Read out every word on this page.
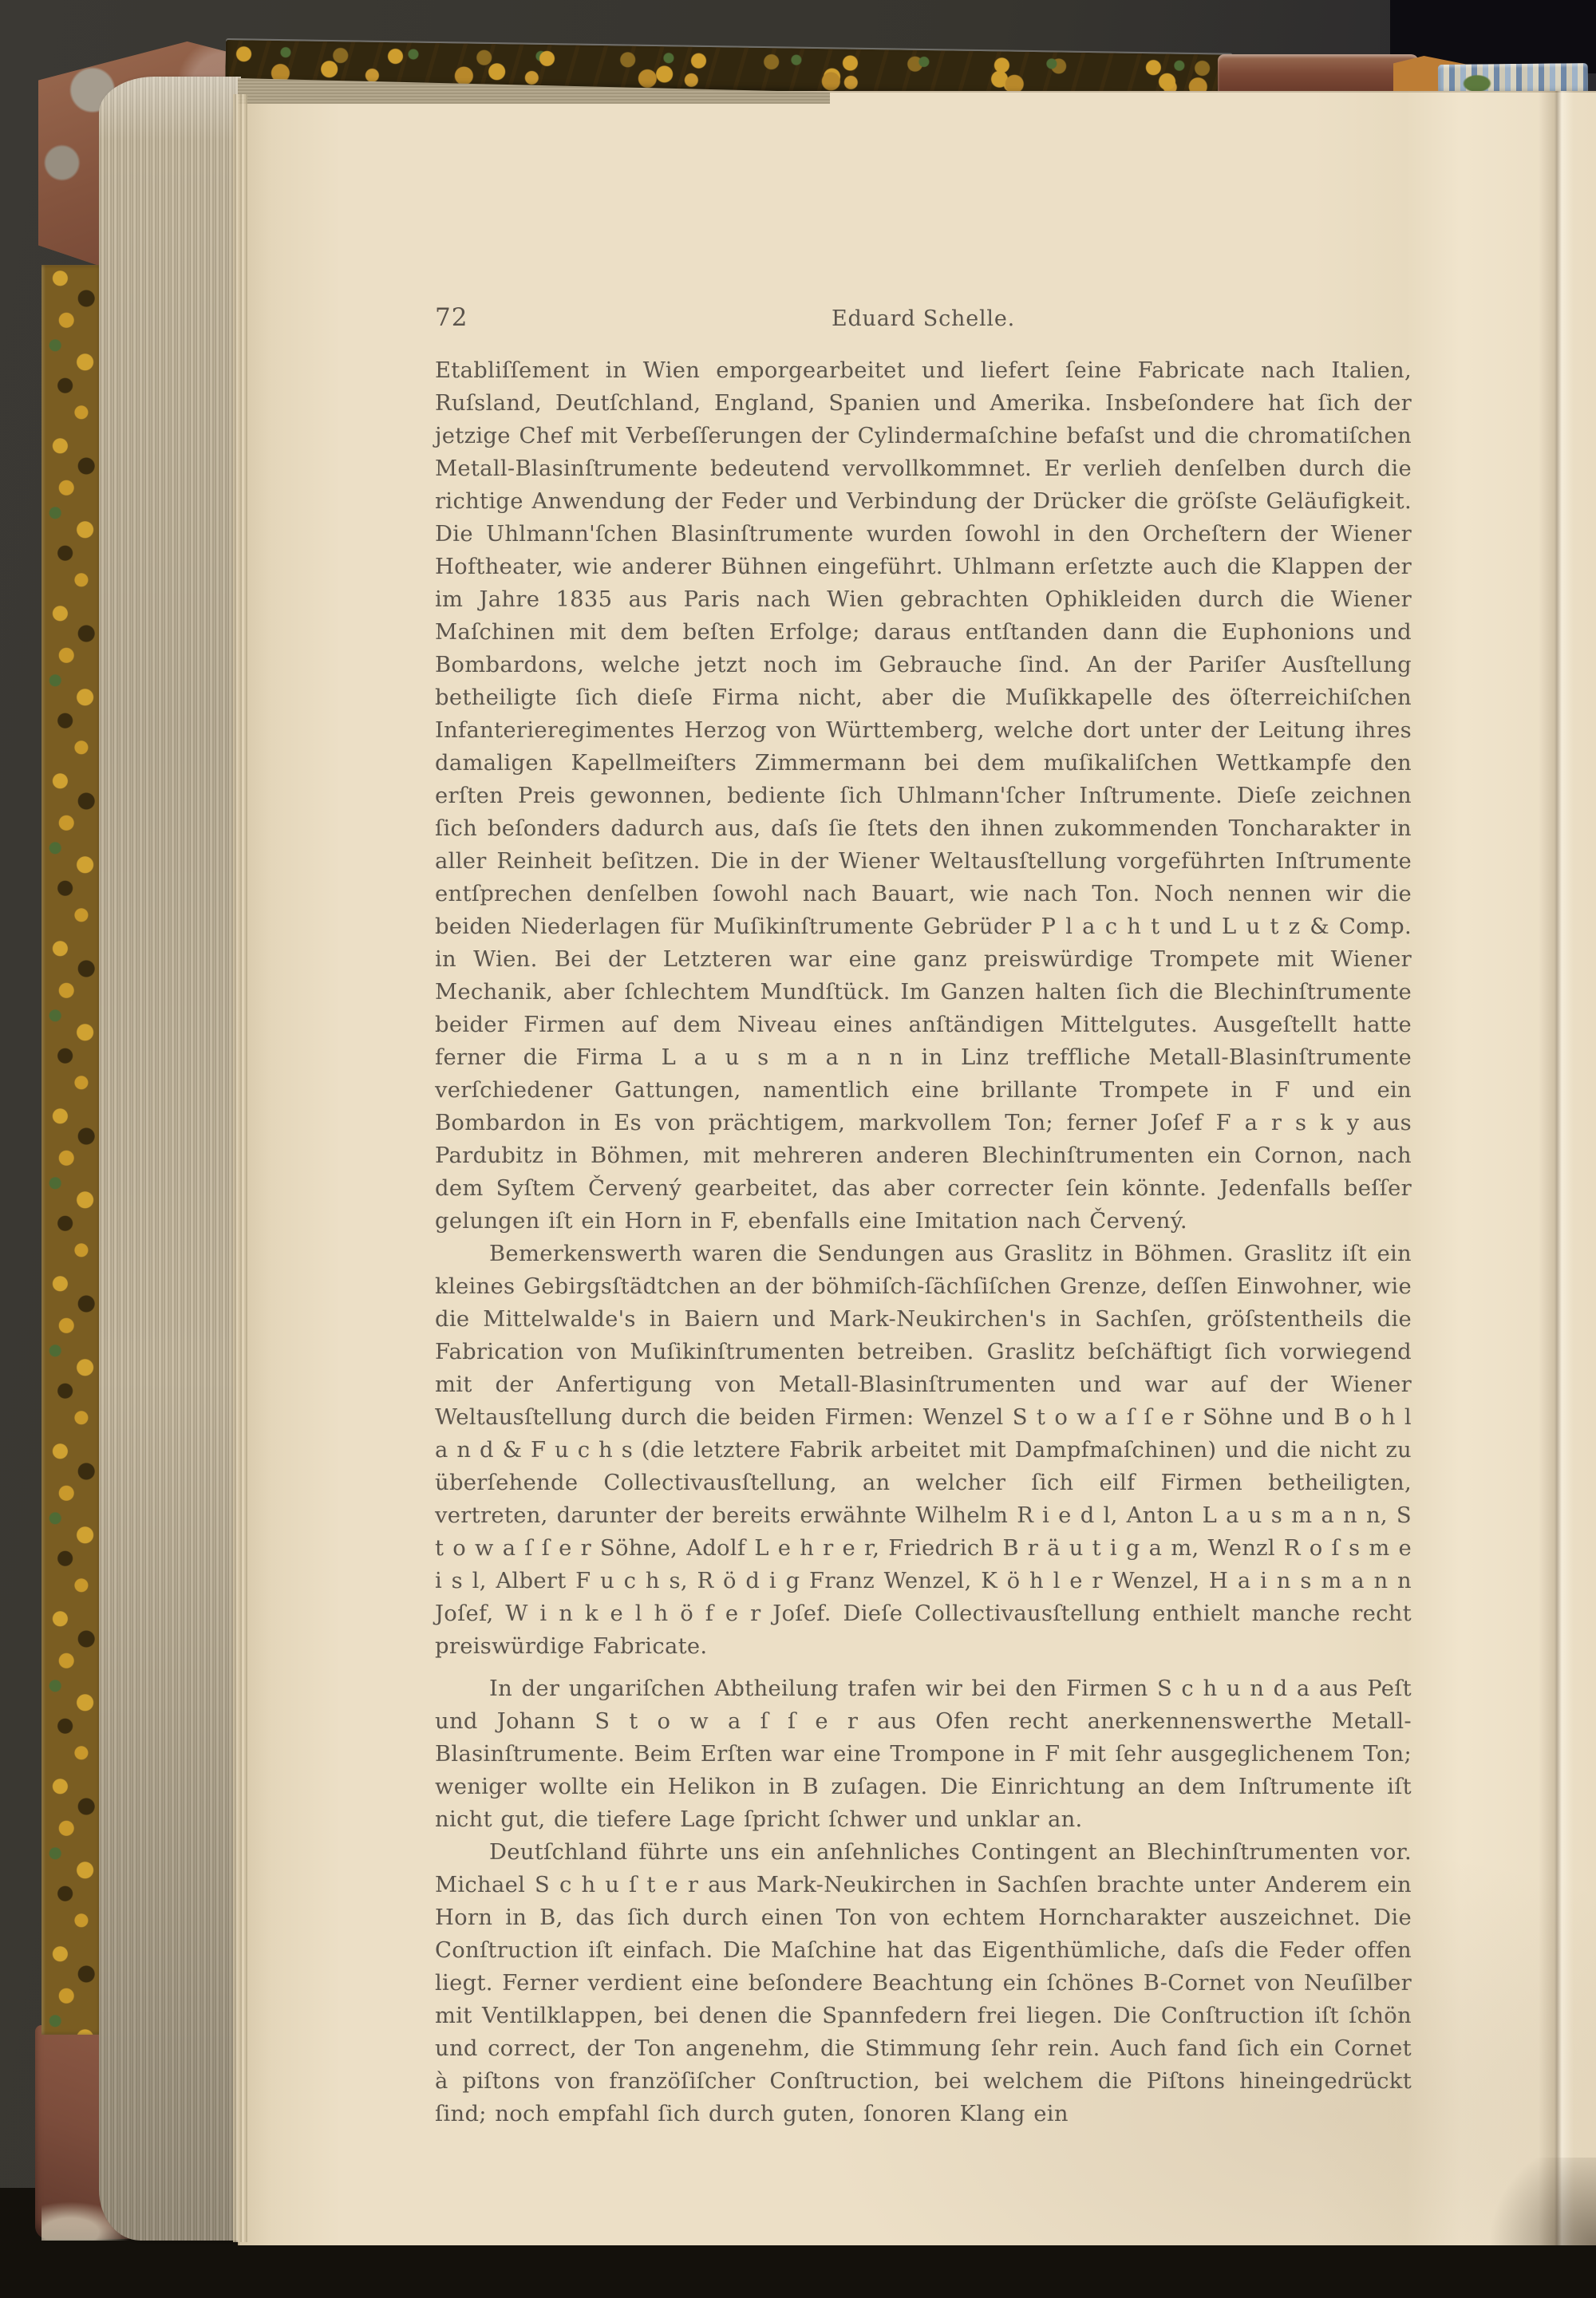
72	Eduard Schelle.

Etabliſſement in Wien emporgearbeitet und liefert ſeine Fabricate nach Italien, Ruſsland, Deutſchland, England, Spanien und Amerika. Insbeſondere hat ſich der jetzige Chef mit Verbeſſerungen der Cylindermaſchine befaſst und die chromatiſchen Metall-Blasinſtrumente bedeutend vervollkommnet. Er verlieh denſelben durch die richtige Anwendung der Feder und Verbindung der Drücker die gröſste Geläufigkeit. Die Uhlmann'ſchen Blasinſtrumente wurden ſowohl in den Orcheſtern der Wiener Hoftheater, wie anderer Bühnen eingeführt. Uhlmann erſetzte auch die Klappen der im Jahre 1835 aus Paris nach Wien gebrachten Ophikleiden durch die Wiener Maſchinen mit dem beſten Erfolge; daraus entſtanden dann die Euphonions und Bombardons, welche jetzt noch im Gebrauche ſind. An der Pariſer Ausſtellung betheiligte ſich dieſe Firma nicht, aber die Muſikkapelle des öſterreichiſchen Infanterieregimentes Herzog von Württemberg, welche dort unter der Leitung ihres damaligen Kapellmeiſters Zimmermann bei dem muſikaliſchen Wettkampfe den erſten Preis gewonnen, bediente ſich Uhlmann'ſcher Inſtrumente. Dieſe zeichnen ſich beſonders dadurch aus, daſs ſie ſtets den ihnen zukommenden Toncharakter in aller Reinheit beſitzen. Die in der Wiener Weltausſtellung vorgeführten Inſtrumente entſprechen denſelben ſowohl nach Bauart, wie nach Ton. Noch nennen wir die beiden Niederlagen für Muſikinſtrumente Gebrüder P l a c h t und L u t z & Comp. in Wien. Bei der Letzteren war eine ganz preiswürdige Trompete mit Wiener Mechanik, aber ſchlechtem Mundſtück. Im Ganzen halten ſich die Blechinſtrumente beider Firmen auf dem Niveau eines anſtändigen Mittelgutes. Ausgeſtellt hatte ferner die Firma L a u s m a n n in Linz treffliche Metall-Blasinſtrumente verſchiedener Gattungen, namentlich eine brillante Trompete in F und ein Bombardon in Es von prächtigem, markvollem Ton; ferner Joſef F a r s k y aus Pardubitz in Böhmen, mit mehreren anderen Blechinſtrumenten ein Cornon, nach dem Syſtem Červený gearbeitet, das aber correcter ſein könnte. Jedenfalls beſſer gelungen iſt ein Horn in F, ebenfalls eine Imitation nach Červený.

Bemerkenswerth waren die Sendungen aus Graslitz in Böhmen. Graslitz iſt ein kleines Gebirgsſtädtchen an der böhmiſch-ſächſiſchen Grenze, deſſen Einwohner, wie die Mittelwalde's in Baiern und Mark-Neukirchen's in Sachſen, gröſstentheils die Fabrication von Muſikinſtrumenten betreiben. Graslitz beſchäftigt ſich vorwiegend mit der Anfertigung von Metall-Blasinſtrumenten und war auf der Wiener Weltausſtellung durch die beiden Firmen: Wenzel S t o w a ſ ſ e r Söhne und B o h l a n d & F u c h s (die letztere Fabrik arbeitet mit Dampfmaſchinen) und die nicht zu überſehende Collectivausſtellung, an welcher ſich eilf Firmen betheiligten, vertreten, darunter der bereits erwähnte Wilhelm R i e d l, Anton L a u s m a n n, S t o w a ſ ſ e r Söhne, Adolf L e h r e r, Friedrich B r ä u t i g a m, Wenzl R o ſ s m e i s l, Albert F u c h s, R ö d i g Franz Wenzel, K ö h l e r Wenzel, H a i n s m a n n Joſef, W i n k e l h ö f e r Joſef. Dieſe Collectivausſtellung enthielt manche recht preiswürdige Fabricate.

In der ungariſchen Abtheilung trafen wir bei den Firmen S c h u n d a aus Peſt und Johann S t o w a ſ ſ e r aus Ofen recht anerkennenswerthe Metall-Blasinſtrumente. Beim Erſten war eine Trompone in F mit ſehr ausgeglichenem Ton; weniger wollte ein Helikon in B zuſagen. Die Einrichtung an dem Inſtrumente iſt nicht gut, die tiefere Lage ſpricht ſchwer und unklar an.

Deutſchland führte uns ein anſehnliches Contingent an Blechinſtrumenten vor. Michael S c h u ſ t e r aus Mark-Neukirchen in Sachſen brachte unter Anderem ein Horn in B, das ſich durch einen Ton von echtem Horncharakter auszeichnet. Die Conſtruction iſt einfach. Die Maſchine hat das Eigenthümliche, daſs die Feder offen liegt. Ferner verdient eine beſondere Beachtung ein ſchönes B-Cornet von Neuſilber mit Ventilklappen, bei denen die Spannfedern frei liegen. Die Conſtruction iſt ſchön und correct, der Ton angenehm, die Stimmung ſehr rein. Auch fand ſich ein Cornet à piſtons von franzöſiſcher Conſtruction, bei welchem die Piſtons hineingedrückt ſind; noch empfahl ſich durch guten, ſonoren Klang ein
